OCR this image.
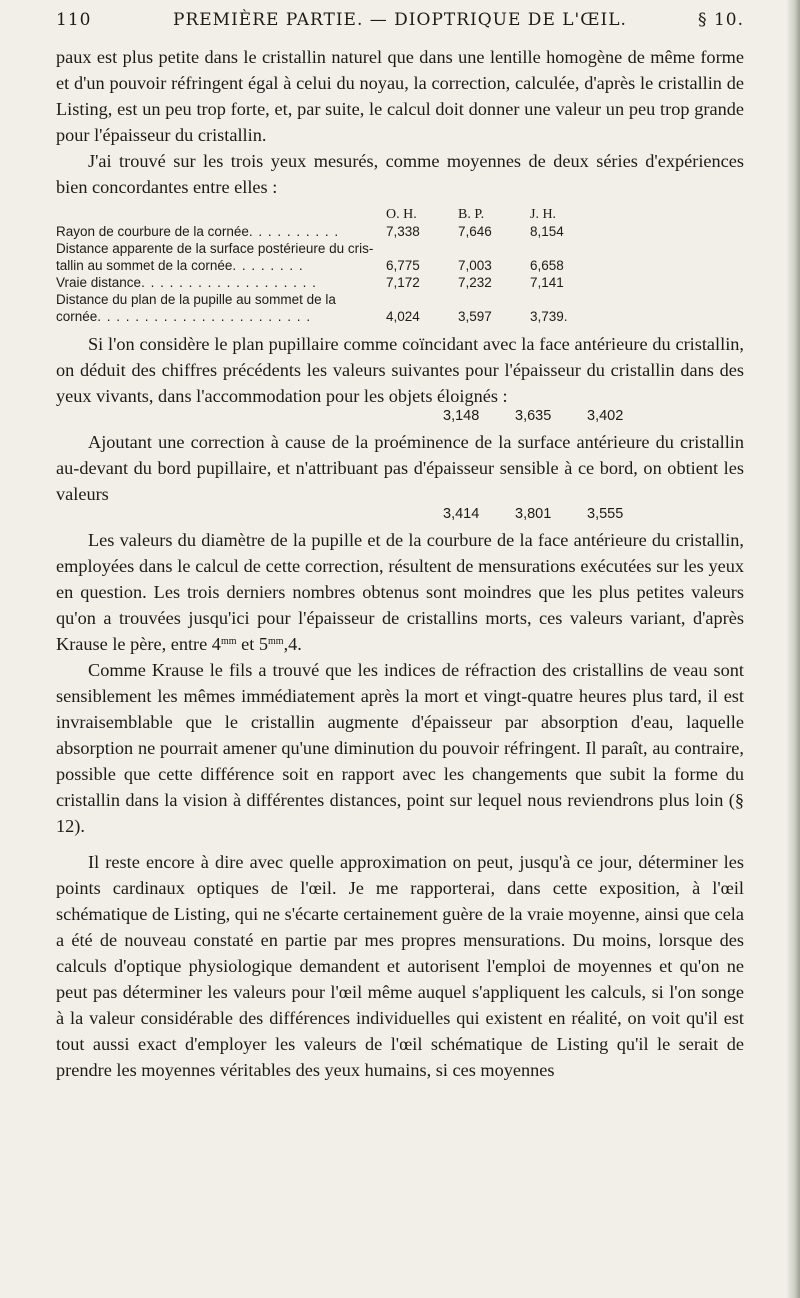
110	PREMIÈRE PARTIE. — DIOPTRIQUE DE L'ŒIL.	§ 10.

paux est plus petite dans le cristallin naturel que dans une lentille homogène de même forme et d'un pouvoir réfringent égal à celui du noyau, la correction, calculée, d'après le cristallin de Listing, est un peu trop forte, et, par suite, le calcul doit donner une valeur un peu trop grande pour l'épaisseur du cristallin.

J'ai trouvé sur les trois yeux mesurés, comme moyennes de deux séries d'expériences bien concordantes entre elles :

O. H.	B. P.	J. H.
Rayon de courbure de la cornée. . . . . . . . . .	7,338	7,646	8,154
Distance apparente de la surface postérieure du cris-
tallin au sommet de la cornée. . . . . . . .	6,775	7,003	6,658
Vraie distance. . . . . . . . . . . . . . . . . . .	7,172	7,232	7,141
Distance du plan de la pupille au sommet de la
cornée. . . . . . . . . . . . . . . . . . . . . . .	4,024	3,597	3,739.

Si l'on considère le plan pupillaire comme coïncidant avec la face antérieure du cristallin, on déduit des chiffres précédents les valeurs suivantes pour l'épaisseur du cristallin dans des yeux vivants, dans l'accommodation pour les objets éloignés :

3,148	3,635	3,402

Ajoutant une correction à cause de la proéminence de la surface antérieure du cristallin au-devant du bord pupillaire, et n'attribuant pas d'épaisseur sensible à ce bord, on obtient les valeurs

3,414	3,801	3,555

Les valeurs du diamètre de la pupille et de la courbure de la face antérieure du cristallin, employées dans le calcul de cette correction, résultent de mensurations exécutées sur les yeux en question. Les trois derniers nombres obtenus sont moindres que les plus petites valeurs qu'on a trouvées jusqu'ici pour l'épaisseur de cristallins morts, ces valeurs variant, d'après Krause le père, entre $4^{mm}$ et $5^{mm},4$.

Comme Krause le fils a trouvé que les indices de réfraction des cristallins de veau sont sensiblement les mêmes immédiatement après la mort et vingt-quatre heures plus tard, il est invraisemblable que le cristallin augmente d'épaisseur par absorption d'eau, laquelle absorption ne pourrait amener qu'une diminution du pouvoir réfringent. Il paraît, au contraire, possible que cette différence soit en rapport avec les changements que subit la forme du cristallin dans la vision à différentes distances, point sur lequel nous reviendrons plus loin (§ 12).

Il reste encore à dire avec quelle approximation on peut, jusqu'à ce jour, déterminer les points cardinaux optiques de l'œil. Je me rapporterai, dans cette exposition, à l'œil schématique de Listing, qui ne s'écarte certainement guère de la vraie moyenne, ainsi que cela a été de nouveau constaté en partie par mes propres mensurations. Du moins, lorsque des calculs d'optique physiologique demandent et autorisent l'emploi de moyennes et qu'on ne peut pas déterminer les valeurs pour l'œil même auquel s'appliquent les calculs, si l'on songe à la valeur considérable des différences individuelles qui existent en réalité, on voit qu'il est tout aussi exact d'employer les valeurs de l'œil schématique de Listing qu'il le serait de prendre les moyennes véritables des yeux humains, si ces moyennes
